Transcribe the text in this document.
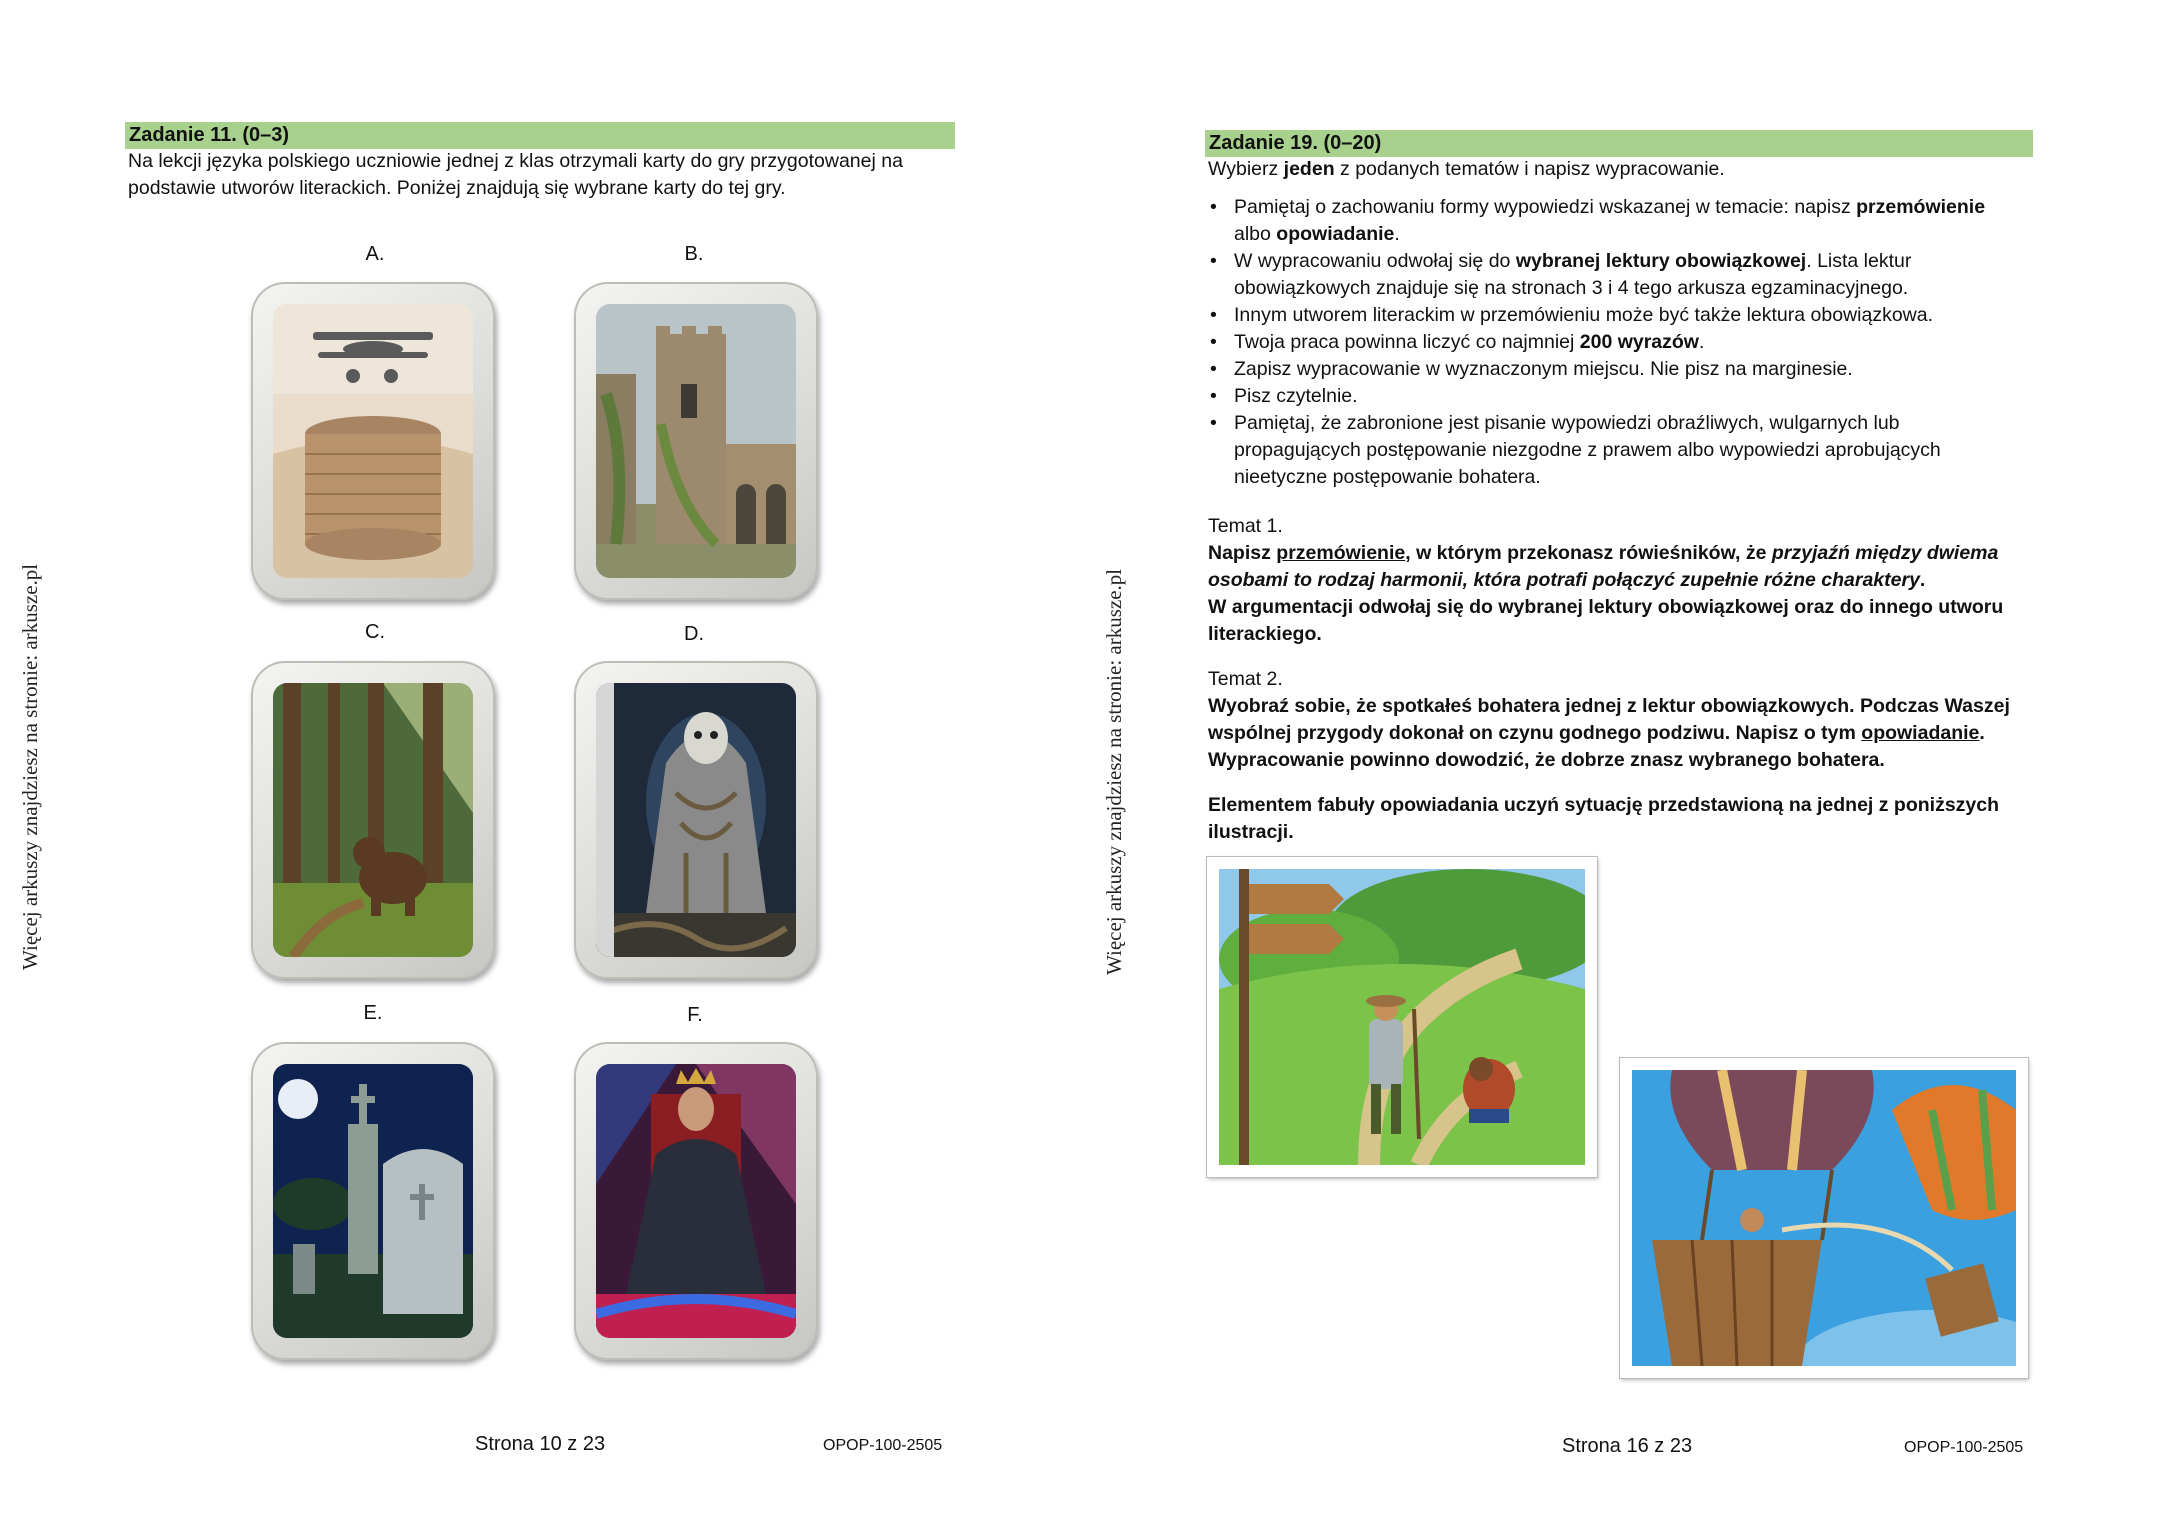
Więcej arkuszy znajdziesz na stronie: arkusze.pl
Zadanie 11. (0–3)
Na lekcji języka polskiego uczniowie jednej z klas otrzymali karty do gry przygotowanej na
podstawie utworów literackich. Poniżej znajdują się wybrane karty do tej gry.
A.	B.
C.	D.
E.	F.
Strona 10 z 23	OPOP-100-2505
Więcej arkuszy znajdziesz na stronie: arkusze.pl
Zadanie 19. (0–20)
Wybierz jeden z podanych tematów i napisz wypracowanie.
• Pamiętaj o zachowaniu formy wypowiedzi wskazanej w temacie: napisz przemówienie
albo opowiadanie.
• W wypracowaniu odwołaj się do wybranej lektury obowiązkowej. Lista lektur
obowiązkowych znajduje się na stronach 3 i 4 tego arkusza egzaminacyjnego.
• Innym utworem literackim w przemówieniu może być także lektura obowiązkowa.
• Twoja praca powinna liczyć co najmniej 200 wyrazów.
• Zapisz wypracowanie w wyznaczonym miejscu. Nie pisz na marginesie.
• Pisz czytelnie.
• Pamiętaj, że zabronione jest pisanie wypowiedzi obraźliwych, wulgarnych lub
propagujących postępowanie niezgodne z prawem albo wypowiedzi aprobujących
nieetyczne postępowanie bohatera.
Temat 1.
Napisz przemówienie, w którym przekonasz rówieśników, że przyjaźń między dwiema
osobami to rodzaj harmonii, która potrafi połączyć zupełnie różne charaktery.
W argumentacji odwołaj się do wybranej lektury obowiązkowej oraz do innego utworu
literackiego.
Temat 2.
Wyobraź sobie, że spotkałeś bohatera jednej z lektur obowiązkowych. Podczas Waszej
wspólnej przygody dokonał on czynu godnego podziwu. Napisz o tym opowiadanie.
Wypracowanie powinno dowodzić, że dobrze znasz wybranego bohatera.
Elementem fabuły opowiadania uczyń sytuację przedstawioną na jednej z poniższych
ilustracji.
Strona 16 z 23	OPOP-100-2505
